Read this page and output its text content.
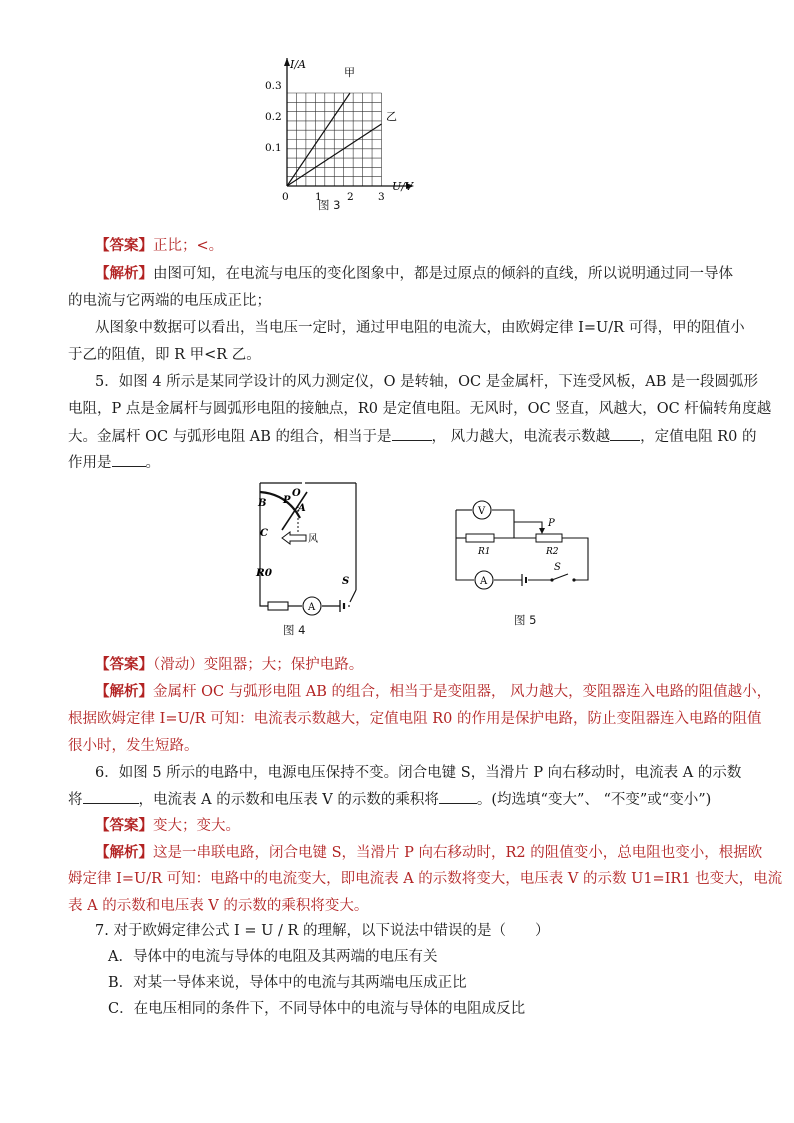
I/A
U/V
0.3
0.2
0.1
0	1 2 3
甲
乙
图 3
【答案】正比；<。
【解析】由图可知，在电流与电压的变化图象中，都是过原点的倾斜的直线，所以说明通过同一导体
的电流与它两端的电压成正比；
从图象中数据可以看出，当电压一定时，通过甲电阻的电流大，由欧姆定律 I=U/R 可得，甲的阻值小
于乙的阻值，即 R 甲<R 乙。
5．如图 4 所示是某同学设计的风力测定仪，O 是转轴，OC 是金属杆，下连受风板，AB 是一段圆弧形
电阻，P 点是金属杆与圆弧形电阻的接触点，R0 是定值电阻。无风时，OC 竖直，风越大，OC 杆偏转角度越
大。金属杆 OC 与弧形电阻 AB 的组合，相当于是	， 风力越大，电流表示数越 ，定值电阻 R0 的
作用是 。
A
B P
O
A
C
风
R0
S
图 4
V
A
P
R1	R2
S
图 5
【答案】（滑动）变阻器；大；保护电路。
【解析】金属杆 OC 与弧形电阻 AB 的组合，相当于是变阻器， 风力越大，变阻器连入电路的阻值越小，
根据欧姆定律 I=U/R 可知：电流表示数越大，定值电阻 R0 的作用是保护电路，防止变阻器连入电路的阻值
很小时，发生短路。
6．如图 5 所示的电路中，电源电压保持不变。闭合电键 S，当滑片 P 向右移动时，电流表 A 的示数
将	，电流表 A 的示数和电压表 V 的示数的乘积将	。(均选填“变大”、 “不变”或“变小”)
【答案】变大；变大。
【解析】这是一串联电路，闭合电键 S，当滑片 P 向右移动时，R2 的阻值变小，总电阻也变小，根据欧
姆定律 I=U/R 可知：电路中的电流变大，即电流表 A 的示数将变大，电压表 V 的示数 U1=IR1 也变大，电流
表 A 的示数和电压表 V 的示数的乘积将变大。
7. 对于欧姆定律公式 I = U / R 的理解，以下说法中错误的是（　　）
A．导体中的电流与导体的电阻及其两端的电压有关
B．对某一导体来说，导体中的电流与其两端电压成正比
C．在电压相同的条件下，不同导体中的电流与导体的电阻成反比
